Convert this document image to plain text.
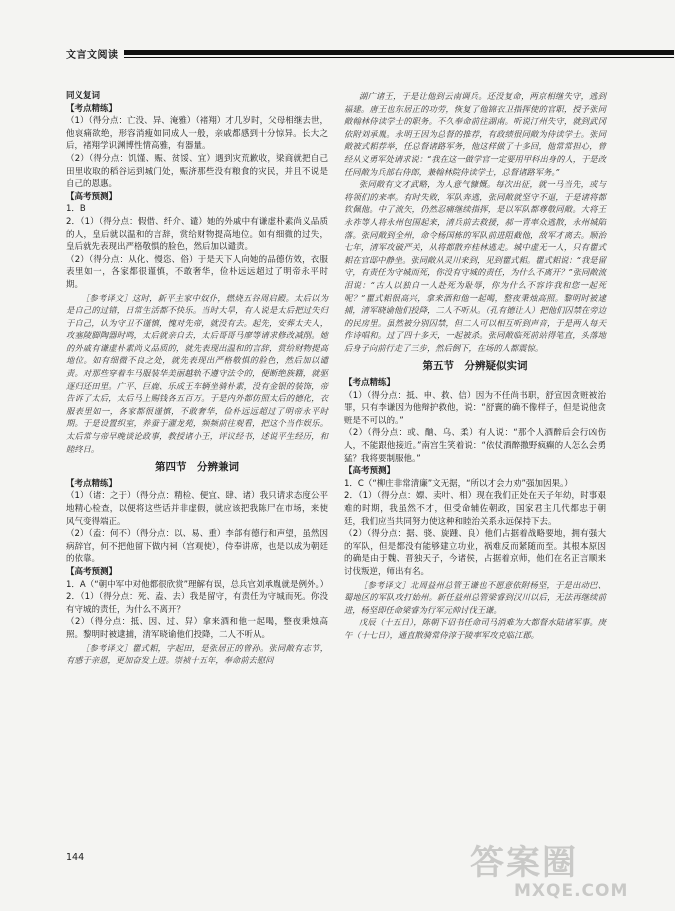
文言文阅读

同义复词

【考点精练】

（1）（得分点：亡没、异、淹雅）（褚翔）才几岁时，父母相继去世，他哀痛欲绝，形容消瘦如同成人一般，亲戚都感到十分惊异。长大之后，褚翔学识渊博性情高雅，有器量。

（2）（得分点：饥馑、赈、贫馁、宜）遇到灾荒歉收，梁商就把自己田里收取的稻谷运到城门处，赈济那些没有粮食的灾民，并且不说是自己的恩惠。

【高考预测】

1．B

2．（1）（得分点：假借、纤介、谴）她的外戚中有谦虚朴素尚义品质的人，皇后就以温和的言辞，赏给财物提高地位。如有细微的过失，皇后就先表现出严格敬惧的脸色，然后加以谴责。

（2）（得分点：从化、慢恣、俗）于是天下人向她的品德仿效，衣服表里如一，各家都很谨慎，不敢奢华，俭朴远远超过了明帝永平时期。

［参考译文］这时，新平主家中奴仆，燃烧五谷周启殿。太后以为是自己的过错，日常生活都不快乐。当时大旱，有人说是太后把过失归于自己，认为守卫不谨慎，愧对先帝，就没有去。起先，安葬太夫人，攻塞陵脚陶器时鸣，太后就亲自去，太后哥哥马廖等请求修改减削。她的外戚有谦虚朴素尚义品质的，就先表现出温和的言辞，赏给财物提高地位。如有细微不良之处，就先表现出严格敬惧的脸色，然后加以谴责。对那些穿着车马服装华美丽越轨不遵守法令的，便断绝族籍，就驱逐归还田里。广平、巨鹿、乐成王车辆坐骑朴素，没有金银的装饰，帝告诉了太后，太后马上赐钱各五百万。于是内外都仿照太后的德化，衣服表里如一，各家都很谨慎，不敢奢华，俭朴远远超过了明帝永平时期。于是设置织室，养蚕于濯龙苑，频频前往观看，把这个当作娱乐。太后常与帝早晚谈论政事，教授诸小王，评议经书，述说平生经历，和睦终日。

第四节　分辨兼词

【考点精练】

（1）（诸：之于）（得分点：精检、便宜、肆、诸）我只请求态度公平地精心检查，以便将这些话并非虚假，就应该把我陈尸在市场，来使风气变得端正。

（2）（盍：何不）（得分点：以、易、重）李郃有德行和声望，虽然因病辞官，何不把他留下做内祠（宫观使），侍奉讲席，也是以成为朝廷的依靠。

【高考预测】

1．A（“朝中军中对他都很欣赏”理解有误，总兵官刘承胤就是例外。）

2．（1）（得分点：死、盍、去）我是留守，有责任为守城而死。你没有守城的责任，为什么不离开？

（2）（得分点：抵、因、过、舁）拿来酒和他一起喝，整夜秉烛高照。黎明时被逮捕，清军晓谕他们投降，二人不听从。

［参考译文］瞿式耜，字起田，是张居正的曾孙。张同敞有志节，有感于亲恩，更加奋发上进。崇祯十五年，奉命前去慰问

湖广诸王，于是让他到云南调兵。还没复命，两京相继失守，逃到福建。唐王也东居正的功劳，恢复了他锦衣卫指挥使的官职，授予张同敞翰林侍读学士的职务。不久奉命前往湖南。听说汀州失守，就到武冈依附刘承胤。永明王因为总督的推荐，有政绩很同敞为侍读学士。张同敞被式耜荐举，任总督诸路军务，他这样做了十多回，他常常担心，曾经从义勇军处请求说：“我在这一做学官一定要用甲科出身的人，于是改任同敞为兵部右侍郎，兼翰林院侍读学士，总督诸路军务。”

张同敞有文才武略，为人意气慷慨。每次出征，就一马当先，或与将领们的来率。有时失败，军队奔逃，张同敞就坚守不退，于是诸将都钦佩他。中了流矢，仍然忍痛继续指挥，是以军队都尊敬同敞。大将王永祚等人将永州包围起来，清兵前去救援，郝一青率众逃散，永州城陷落。张同敞到全州，命令杨国栋的军队前进阻截他，敌军才离去。顺治七年，清军攻破严关，从将都散弃桂林逃走。城中虚无一人，只有瞿式耜在官邸中静坐。张同敞从灵川来到，见到瞿式耜。瞿式耜说：“我是留守，有责任为守城而死，你没有守城的责任，为什么不离开？”张同敞流泪说：“古人以独自一人赴死为耻辱，你为什么不容许我和您一起死呢？”瞿式耜很高兴，拿来酒和他一起喝，整夜秉烛高照。黎明时被逮捕，清军晓谕他们投降，二人不听从。（孔有德让人）把他们囚禁在旁边的民房里。虽然被分别囚禁，但二人可以相互听到声音，于是两人每天作诗唱和。过了四十多天，一起被杀。张同敞临死前站得笔直，头落地后身子向前行走了三步，然后倒下，在场的人都震惊。

第五节　分辨疑似实词

【考点精练】

（1）（得分点：抵、申、救、信）因为不任尚书职，舒宣因贪赃被治罪，只有李谦因为他辩护救他，说：“舒竇的确不像样子，但是说他贪赃是不可以的。”

（2）（得分点：或、酗、乌、柔）有人说：“那个人酒醉后会行凶伤人，不能跟他接近。”南宫生笑着说：“依仗酒醉撒野疯癫的人怎么会勇猛？我将要制服他。”

【高考预测】

1．C（“柳庄非常清廉”文无据，“所以才会力劝”强加因果。）

2．（1）（得分点：嫖、卖叶、相）现在我们正处在天子年幼，时事艰难的时期，我虽然不才，但受命辅佐朝政，国家君主几代都忠于朝廷，我们应当共同努力使这种和睦治关系永远保持下去。

（2）（得分点：据、骁、旋踵、良）他们占据着战略要地，拥有强大的军队，但是都没有能够建立功业，祸难反而紧随而至。其根本原因的确是由于魏、晋独天子，今诸侯，占据着京师，他们在名正言顺来讨伐叛逆，师出有名。

［参考译文］北周益州总管王谦也不愿意依附杨坚，于是出动巴、蜀地区的军队攻打始州。新任益州总管梁睿到汉川以后，无法再继续前进，杨坚即任命梁睿为行军元帅讨伐王谦。

戊辰（十五日），陈朝下诏书任命司马消难为大都督水陆诸军事。庚午（十七日），通直散骑常侍淳于陵率军攻克临江郡。

144	答案圈
MXQE.COM
